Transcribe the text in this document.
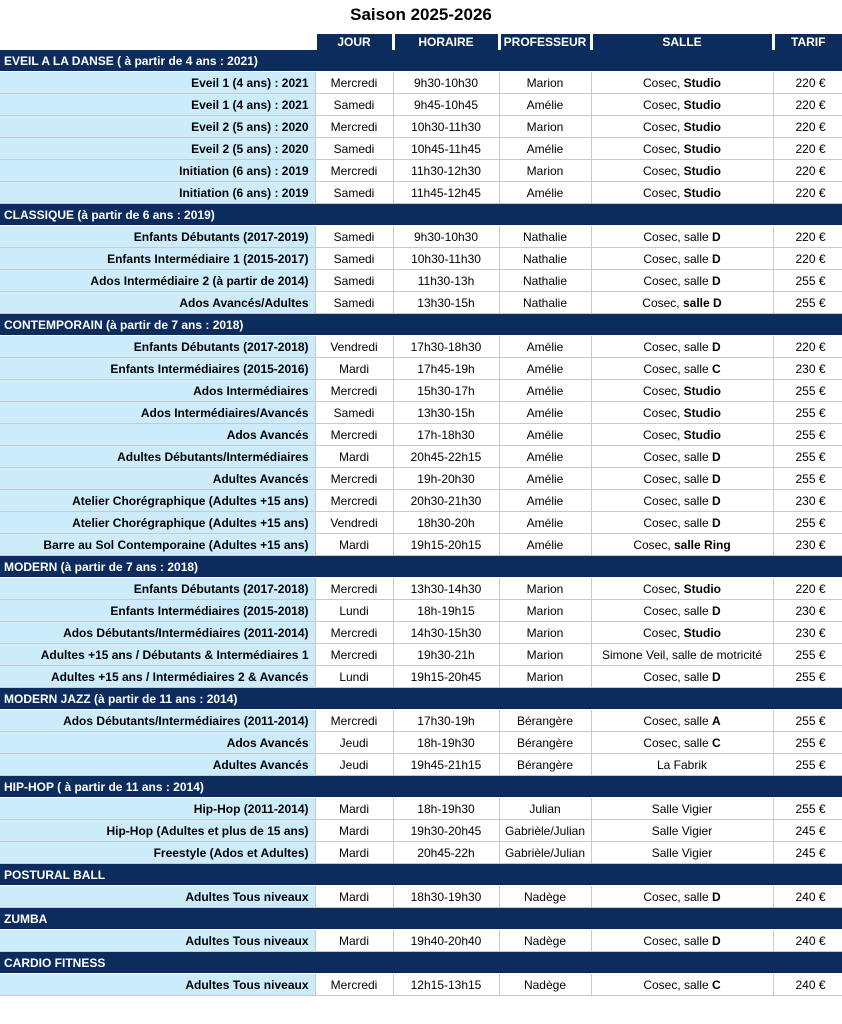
Saison 2025-2026
	JOUR	HORAIRE	PROFESSEUR	SALLE	TARIF
EVEIL A LA DANSE ( à partir de 4 ans : 2021)					
Eveil 1 (4 ans) : 2021	Mercredi	9h30-10h30	Marion	Cosec, Studio	220 €
Eveil 1 (4 ans) : 2021	Samedi	9h45-10h45	Amélie	Cosec, Studio	220 €
Eveil 2 (5 ans) : 2020	Mercredi	10h30-11h30	Marion	Cosec, Studio	220 €
Eveil 2 (5 ans) : 2020	Samedi	10h45-11h45	Amélie	Cosec, Studio	220 €
Initiation (6 ans) : 2019	Mercredi	11h30-12h30	Marion	Cosec, Studio	220 €
Initiation (6 ans) : 2019	Samedi	11h45-12h45	Amélie	Cosec, Studio	220 €
CLASSIQUE (à partir de 6 ans : 2019)					
Enfants Débutants (2017-2019)	Samedi	9h30-10h30	Nathalie	Cosec, salle D	220 €
Enfants Intermédiaire 1 (2015-2017)	Samedi	10h30-11h30	Nathalie	Cosec, salle D	220 €
Ados Intermédiaire 2 (à partir de 2014)	Samedi	11h30-13h	Nathalie	Cosec, salle D	255 €
Ados Avancés/Adultes	Samedi	13h30-15h	Nathalie	Cosec, salle D	255 €
CONTEMPORAIN (à partir de 7 ans : 2018)					
Enfants Débutants (2017-2018)	Vendredi	17h30-18h30	Amélie	Cosec, salle D	220 €
Enfants Intermédiaires (2015-2016)	Mardi	17h45-19h	Amélie	Cosec, salle C	230 €
Ados Intermédiaires	Mercredi	15h30-17h	Amélie	Cosec, Studio	255 €
Ados Intermédiaires/Avancés	Samedi	13h30-15h	Amélie	Cosec, Studio	255 €
Ados Avancés	Mercredi	17h-18h30	Amélie	Cosec, Studio	255 €
Adultes Débutants/Intermédiaires	Mardi	20h45-22h15	Amélie	Cosec, salle D	255 €
Adultes Avancés	Mercredi	19h-20h30	Amélie	Cosec, salle D	255 €
Atelier Chorégraphique (Adultes +15 ans)	Mercredi	20h30-21h30	Amélie	Cosec, salle D	230 €
Atelier Chorégraphique (Adultes +15 ans)	Vendredi	18h30-20h	Amélie	Cosec, salle D	255 €
Barre au Sol Contemporaine (Adultes +15 ans)	Mardi	19h15-20h15	Amélie	Cosec, salle Ring	230 €
MODERN (à partir de 7 ans : 2018)					
Enfants Débutants (2017-2018)	Mercredi	13h30-14h30	Marion	Cosec, Studio	220 €
Enfants Intermédiaires (2015-2018)	Lundi	18h-19h15	Marion	Cosec, salle D	230 €
Ados Débutants/Intermédiaires (2011-2014)	Mercredi	14h30-15h30	Marion	Cosec, Studio	230 €
Adultes +15 ans / Débutants & Intermédiaires 1	Mercredi	19h30-21h	Marion	Simone Veil, salle de motricité	255 €
Adultes +15 ans / Intermédiaires 2 & Avancés	Lundi	19h15-20h45	Marion	Cosec, salle D	255 €
MODERN JAZZ (à partir de 11 ans : 2014)					
Ados Débutants/Intermédiaires (2011-2014)	Mercredi	17h30-19h	Bérangère	Cosec, salle A	255 €
Ados Avancés	Jeudi	18h-19h30	Bérangère	Cosec, salle C	255 €
Adultes Avancés	Jeudi	19h45-21h15	Bérangère	La Fabrik	255 €
HIP-HOP ( à partir de 11 ans : 2014)					
Hip-Hop (2011-2014)	Mardi	18h-19h30	Julian	Salle Vigier	255 €
Hip-Hop (Adultes et plus de 15 ans)	Mardi	19h30-20h45	Gabrièle/Julian	Salle Vigier	245 €
Freestyle (Ados et Adultes)	Mardi	20h45-22h	Gabrièle/Julian	Salle Vigier	245 €
POSTURAL BALL					
Adultes Tous niveaux	Mardi	18h30-19h30	Nadège	Cosec, salle D	240 €
ZUMBA					
Adultes Tous niveaux	Mardi	19h40-20h40	Nadège	Cosec, salle D	240 €
CARDIO FITNESS					
Adultes Tous niveaux	Mercredi	12h15-13h15	Nadège	Cosec, salle C	240 €
